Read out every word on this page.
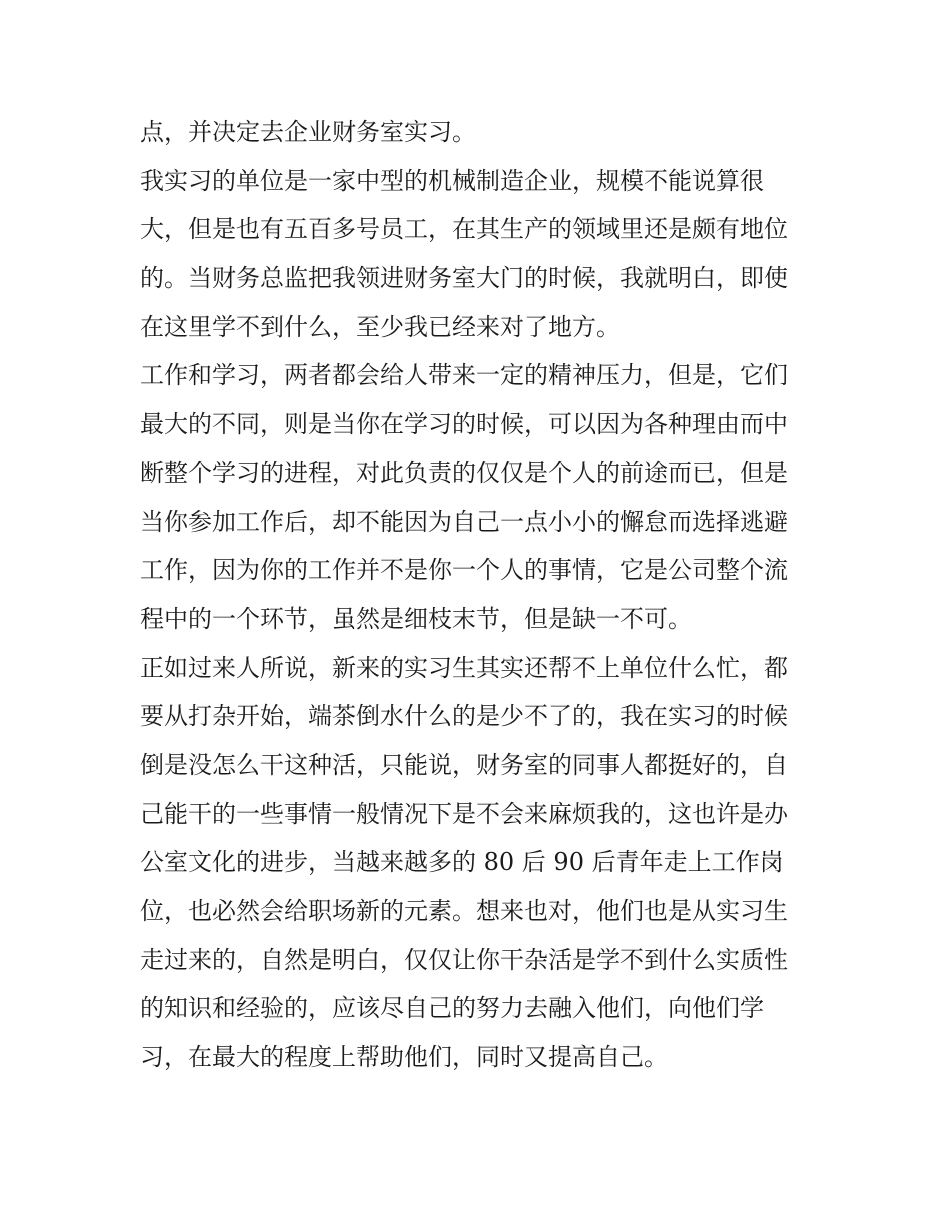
点，并决定去企业财务室实习。
我实习的单位是一家中型的机械制造企业，规模不能说算很
大，但是也有五百多号员工，在其生产的领域里还是颇有地位
的。当财务总监把我领进财务室大门的时候，我就明白，即使
在这里学不到什么，至少我已经来对了地方。
工作和学习，两者都会给人带来一定的精神压力，但是，它们
最大的不同，则是当你在学习的时候，可以因为各种理由而中
断整个学习的进程，对此负责的仅仅是个人的前途而已，但是
当你参加工作后，却不能因为自己一点小小的懈怠而选择逃避
工作，因为你的工作并不是你一个人的事情，它是公司整个流
程中的一个环节，虽然是细枝末节，但是缺一不可。
正如过来人所说，新来的实习生其实还帮不上单位什么忙，都
要从打杂开始，端茶倒水什么的是少不了的，我在实习的时候
倒是没怎么干这种活，只能说，财务室的同事人都挺好的，自
己能干的一些事情一般情况下是不会来麻烦我的，这也许是办
公室文化的进步，当越来越多的 80 后 90 后青年走上工作岗
位，也必然会给职场新的元素。想来也对，他们也是从实习生
走过来的，自然是明白，仅仅让你干杂活是学不到什么实质性
的知识和经验的，应该尽自己的努力去融入他们，向他们学
习，在最大的程度上帮助他们，同时又提高自己。
